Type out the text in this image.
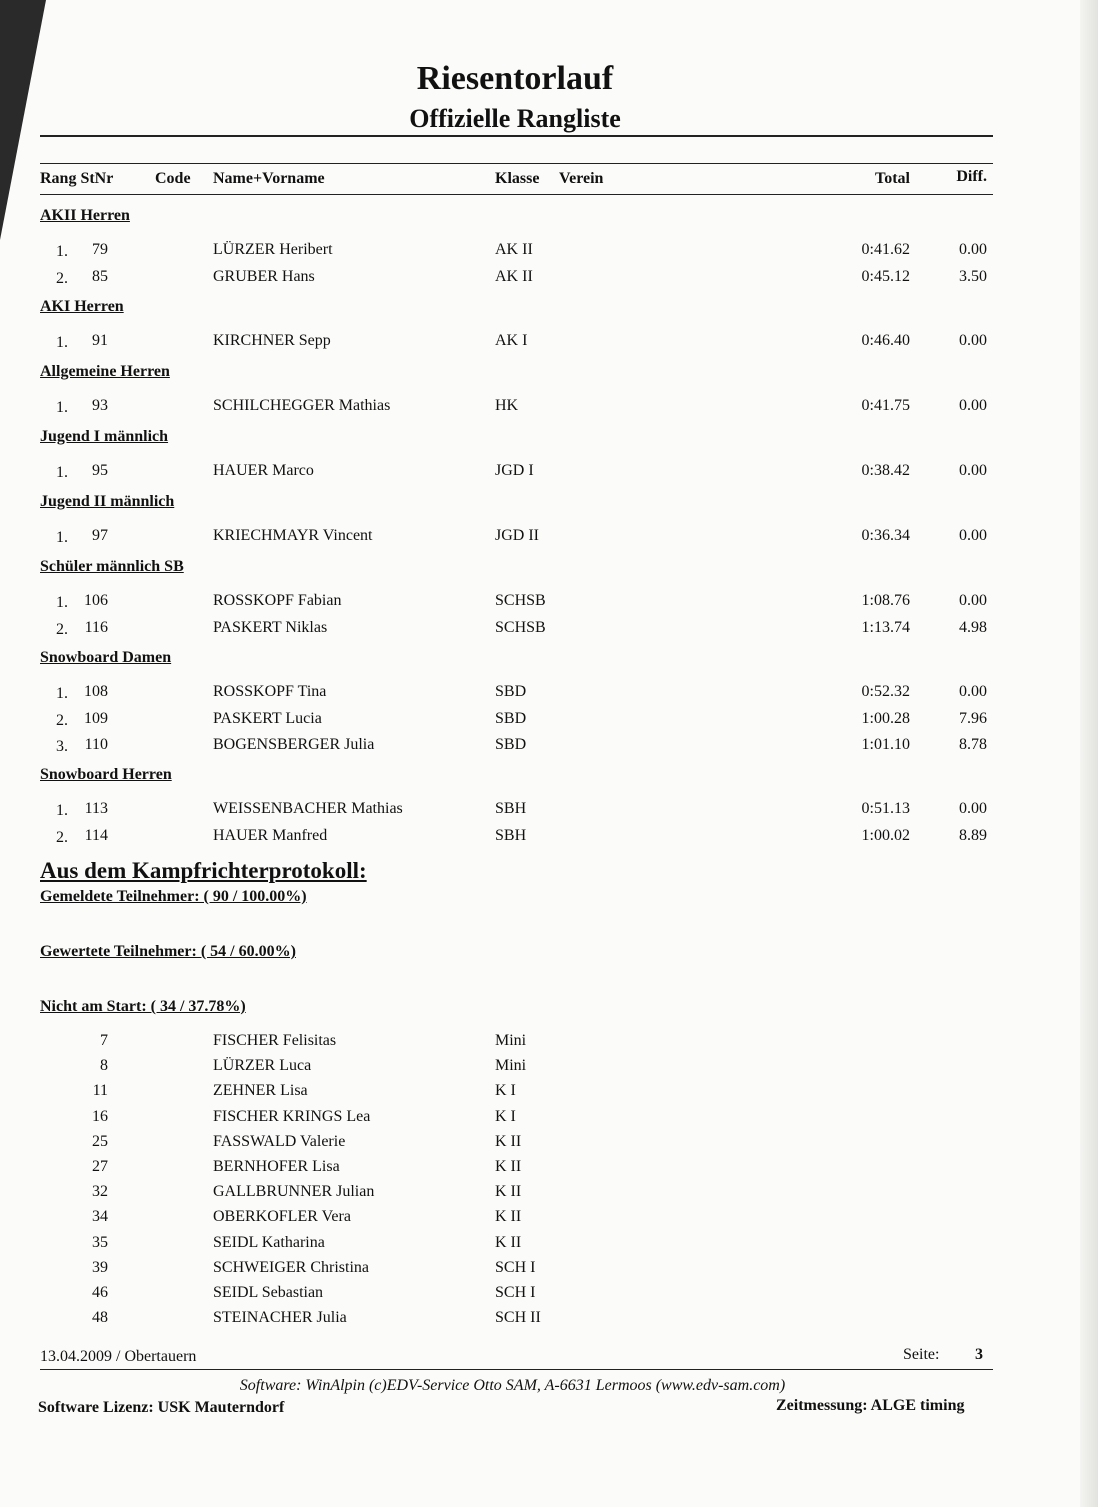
Riesentorlauf
Offizielle Rangliste
Rang StNr	Code Name+Vorname	Klasse Verein	Total	Diff.
AKII Herren
1.	79	LÜRZER Heribert	AK II	0:41.62	0.00
2.	85	GRUBER Hans	AK II	0:45.12	3.50
AKI Herren
1.	91	KIRCHNER Sepp	AK I	0:46.40	0.00
Allgemeine Herren
1.	93	SCHILCHEGGER Mathias	HK	0:41.75	0.00
Jugend I männlich
1.	95	HAUER Marco	JGD I	0:38.42	0.00
Jugend II männlich
1.	97	KRIECHMAYR Vincent	JGD II	0:36.34	0.00
Schüler männlich SB
1. 106	ROSSKOPF Fabian	SCHSB	1:08.76	0.00
2. 116	PASKERT Niklas	SCHSB	1:13.74	4.98
Snowboard Damen
1. 108	ROSSKOPF Tina	SBD	0:52.32	0.00
2. 109	PASKERT Lucia	SBD	1:00.28	7.96
3. 110	BOGENSBERGER Julia	SBD	1:01.10	8.78
Snowboard Herren
1. 113	WEISSENBACHER Mathias	SBH	0:51.13	0.00
2. 114	HAUER Manfred	SBH	1:00.02	8.89
Aus dem Kampfrichterprotokoll:
Gemeldete Teilnehmer: ( 90 / 100.00%)
Gewertete Teilnehmer: ( 54 / 60.00%)
Nicht am Start: ( 34 / 37.78%)
7	FISCHER Felisitas	Mini
8	LÜRZER Luca	Mini
11	ZEHNER Lisa	K I
16	FISCHER KRINGS Lea	K I
25	FASSWALD Valerie	K II
27	BERNHOFER Lisa	K II
32	GALLBRUNNER Julian	K II
34	OBERKOFLER Vera	K II
35	SEIDL Katharina	K II
39	SCHWEIGER Christina	SCH I
46	SEIDL Sebastian	SCH I
48	STEINACHER Julia	SCH II
13.04.2009 / Obertauern	Seite: 3
Software: WinAlpin (c)EDV-Service Otto SAM, A-6631 Lermoos (www.edv-sam.com)
Software Lizenz: USK Mauterndorf	Zeitmessung: ALGE timing
